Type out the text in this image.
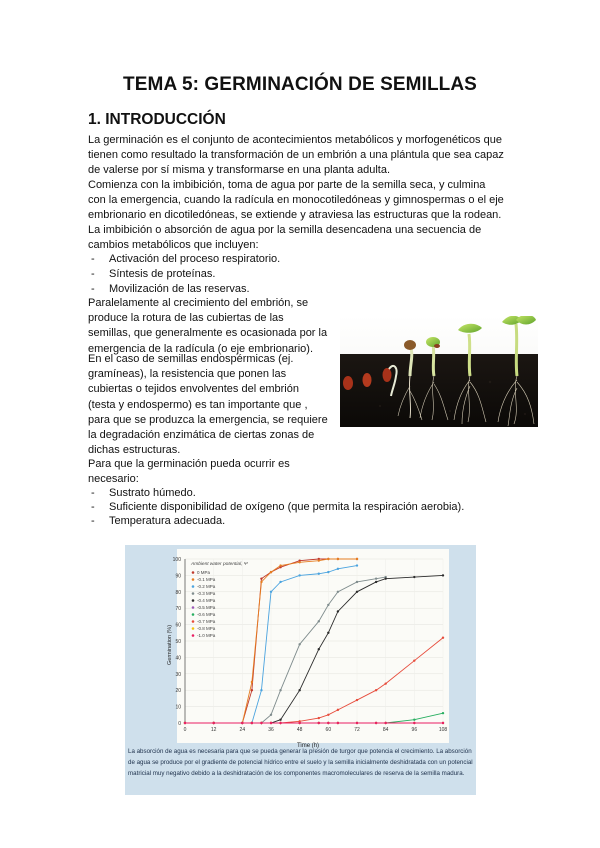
TEMA 5: GERMINACIÓN DE SEMILLAS
1. INTRODUCCIÓN

La germinación es el conjunto de acontecimientos metabólicos y morfogenéticos que tienen como resultado la transformación de un embrión a una plántula que sea capaz de valerse por sí misma y transformarse en una planta adulta.

Comienza con la imbibición, toma de agua por parte de la semilla seca, y culmina con la emergencia, cuando la radícula en monocotiledóneas y gimnospermas o el eje embrionario en dicotiledóneas, se extiende y atraviesa las estructuras que la rodean.

La imbibición o absorción de agua por la semilla desencadena una secuencia de cambios metabólicos que incluyen:

- Activación del proceso respiratorio.
- Síntesis de proteínas.
- Movilización de las reservas.

Paralelamente al crecimiento del embrión, se produce la rotura de las cubiertas de las semillas, que generalmente es ocasionada por la emergencia de la radícula (o eje embrionario).

En el caso de semillas endospérmicas (ej. gramíneas), la resistencia que ponen las cubiertas o tejidos envolventes del embrión (testa y endospermo) es tan importante que , para que se produzca la emergencia, se requiere la degradación enzimática de ciertas zonas de dichas estructuras.

Para que la germinación pueda ocurrir es necesario:

- Sustrato húmedo.
- Suficiente disponibilidad de oxígeno (que permita la respiración aerobia).
- Temperatura adecuada.
0
10
20
30
40
50
60
70
80
90
100
0	12	24	36	48	60	72	84	96	108
Ambient water potential, Ψ
0 MPa
-0.1 MPa
-0.2 MPa
-0.3 MPa
-0.4 MPa
-0.5 MPa
-0.6 MPa
-0.7 MPa
-0.8 MPa
-1.0 MPa
Time (h)
Germination (%)
La absorción de agua es necesaria para que se pueda generar la presión de turgor que potencia el crecimiento. La absorción de agua se produce por el gradiente de potencial hídrico entre el suelo y la semilla inicialmente deshidratada con un potencial matricial muy negativo debido a la deshidratación de los componentes macromoleculares de reserva de la semilla madura.
